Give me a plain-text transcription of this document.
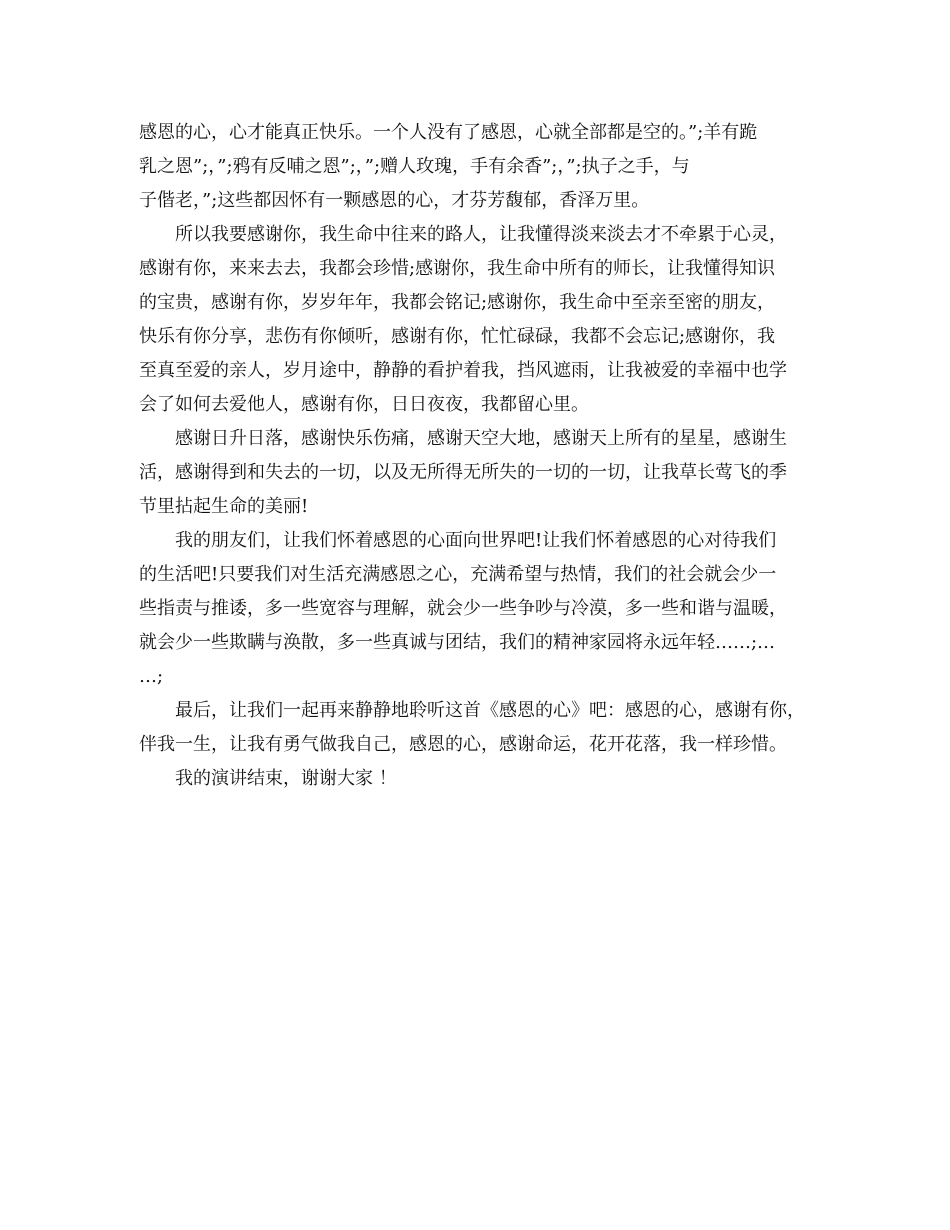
感恩的心，心才能真正快乐。一个人没有了感恩，心就全部都是空的。”;羊有跪
乳之恩”;，”;鸦有反哺之恩”;，”;赠人玫瑰，手有余香”;，”;执子之手，与
子偕老，”;这些都因怀有一颗感恩的心，才芬芳馥郁，香泽万里。
所以我要感谢你，我生命中往来的路人，让我懂得淡来淡去才不牵累于心灵，
感谢有你，来来去去，我都会珍惜;感谢你，我生命中所有的师长，让我懂得知识
的宝贵，感谢有你，岁岁年年，我都会铭记;感谢你，我生命中至亲至密的朋友，
快乐有你分享，悲伤有你倾听，感谢有你，忙忙碌碌，我都不会忘记;感谢你，我
至真至爱的亲人，岁月途中，静静的看护着我，挡风遮雨，让我被爱的幸福中也学
会了如何去爱他人，感谢有你，日日夜夜，我都留心里。
感谢日升日落，感谢快乐伤痛，感谢天空大地，感谢天上所有的星星，感谢生
活，感谢得到和失去的一切，以及无所得无所失的一切的一切，让我草长莺飞的季
节里拈起生命的美丽!
我的朋友们，让我们怀着感恩的心面向世界吧!让我们怀着感恩的心对待我们
的生活吧!只要我们对生活充满感恩之心，充满希望与热情，我们的社会就会少一
些指责与推诿，多一些宽容与理解，就会少一些争吵与冷漠，多一些和谐与温暖，
就会少一些欺瞒与涣散，多一些真诚与团结，我们的精神家园将永远年轻……;…
…;
最后，让我们一起再来静静地聆听这首《感恩的心》吧：感恩的心，感谢有你，
伴我一生，让我有勇气做我自己，感恩的心，感谢命运，花开花落，我一样珍惜。
我的演讲结束，谢谢大家 ！
